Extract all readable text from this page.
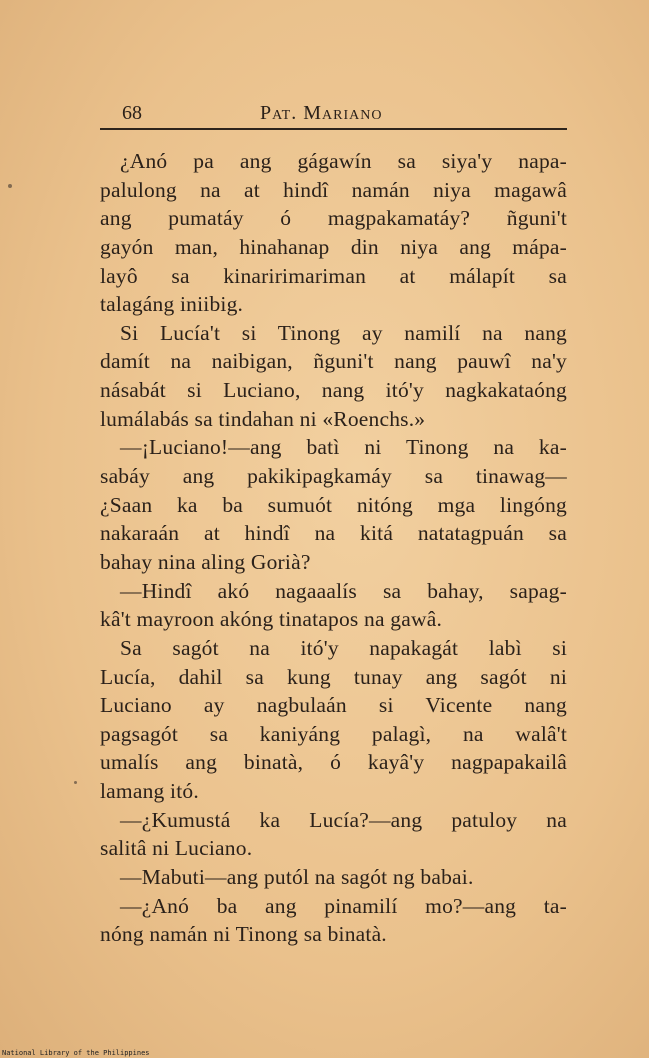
68	Pat. Mariano
¿Anó pa ang gágawín sa siya'y napa-
palulong na at hindî namán niya magawâ
ang pumatáy ó magpakamatáy? ñguni't
gayón man, hinahanap din niya ang mápa-
layô sa kinaririmariman at málapít sa
talagáng iniibig.
Si Lucía't si Tinong ay namilí na nang
damít na naibigan, ñguni't nang pauwî na'y
násabát si Luciano, nang itó'y nagkakataóng
lumálabás sa tindahan ni «Roenchs.»
—¡Luciano!—ang batì ni Tinong na ka-
sabáy ang pakikipagkamáy sa tinawag—
¿Saan ka ba sumuót nitóng mga lingóng
nakaraán at hindî na kitá natatagpuán sa
bahay nina aling Gorià?
—Hindî akó nagaaalís sa bahay, sapag-
kâ't mayroon akóng tinatapos na gawâ.
Sa sagót na itó'y napakagát labì si
Lucía, dahil sa kung tunay ang sagót ni
Luciano ay nagbulaán si Vicente nang
pagsagót sa kaniyáng palagì, na walâ't
umalís ang binatà, ó kayâ'y nagpapakailâ
lamang itó.
—¿Kumustá ka Lucía?—ang patuloy na
salitâ ni Luciano.
—Mabuti—ang putól na sagót ng babai.
—¿Anó ba ang pinamilí mo?—ang ta-
nóng namán ni Tinong sa binatà.
National Library of the Philippines
